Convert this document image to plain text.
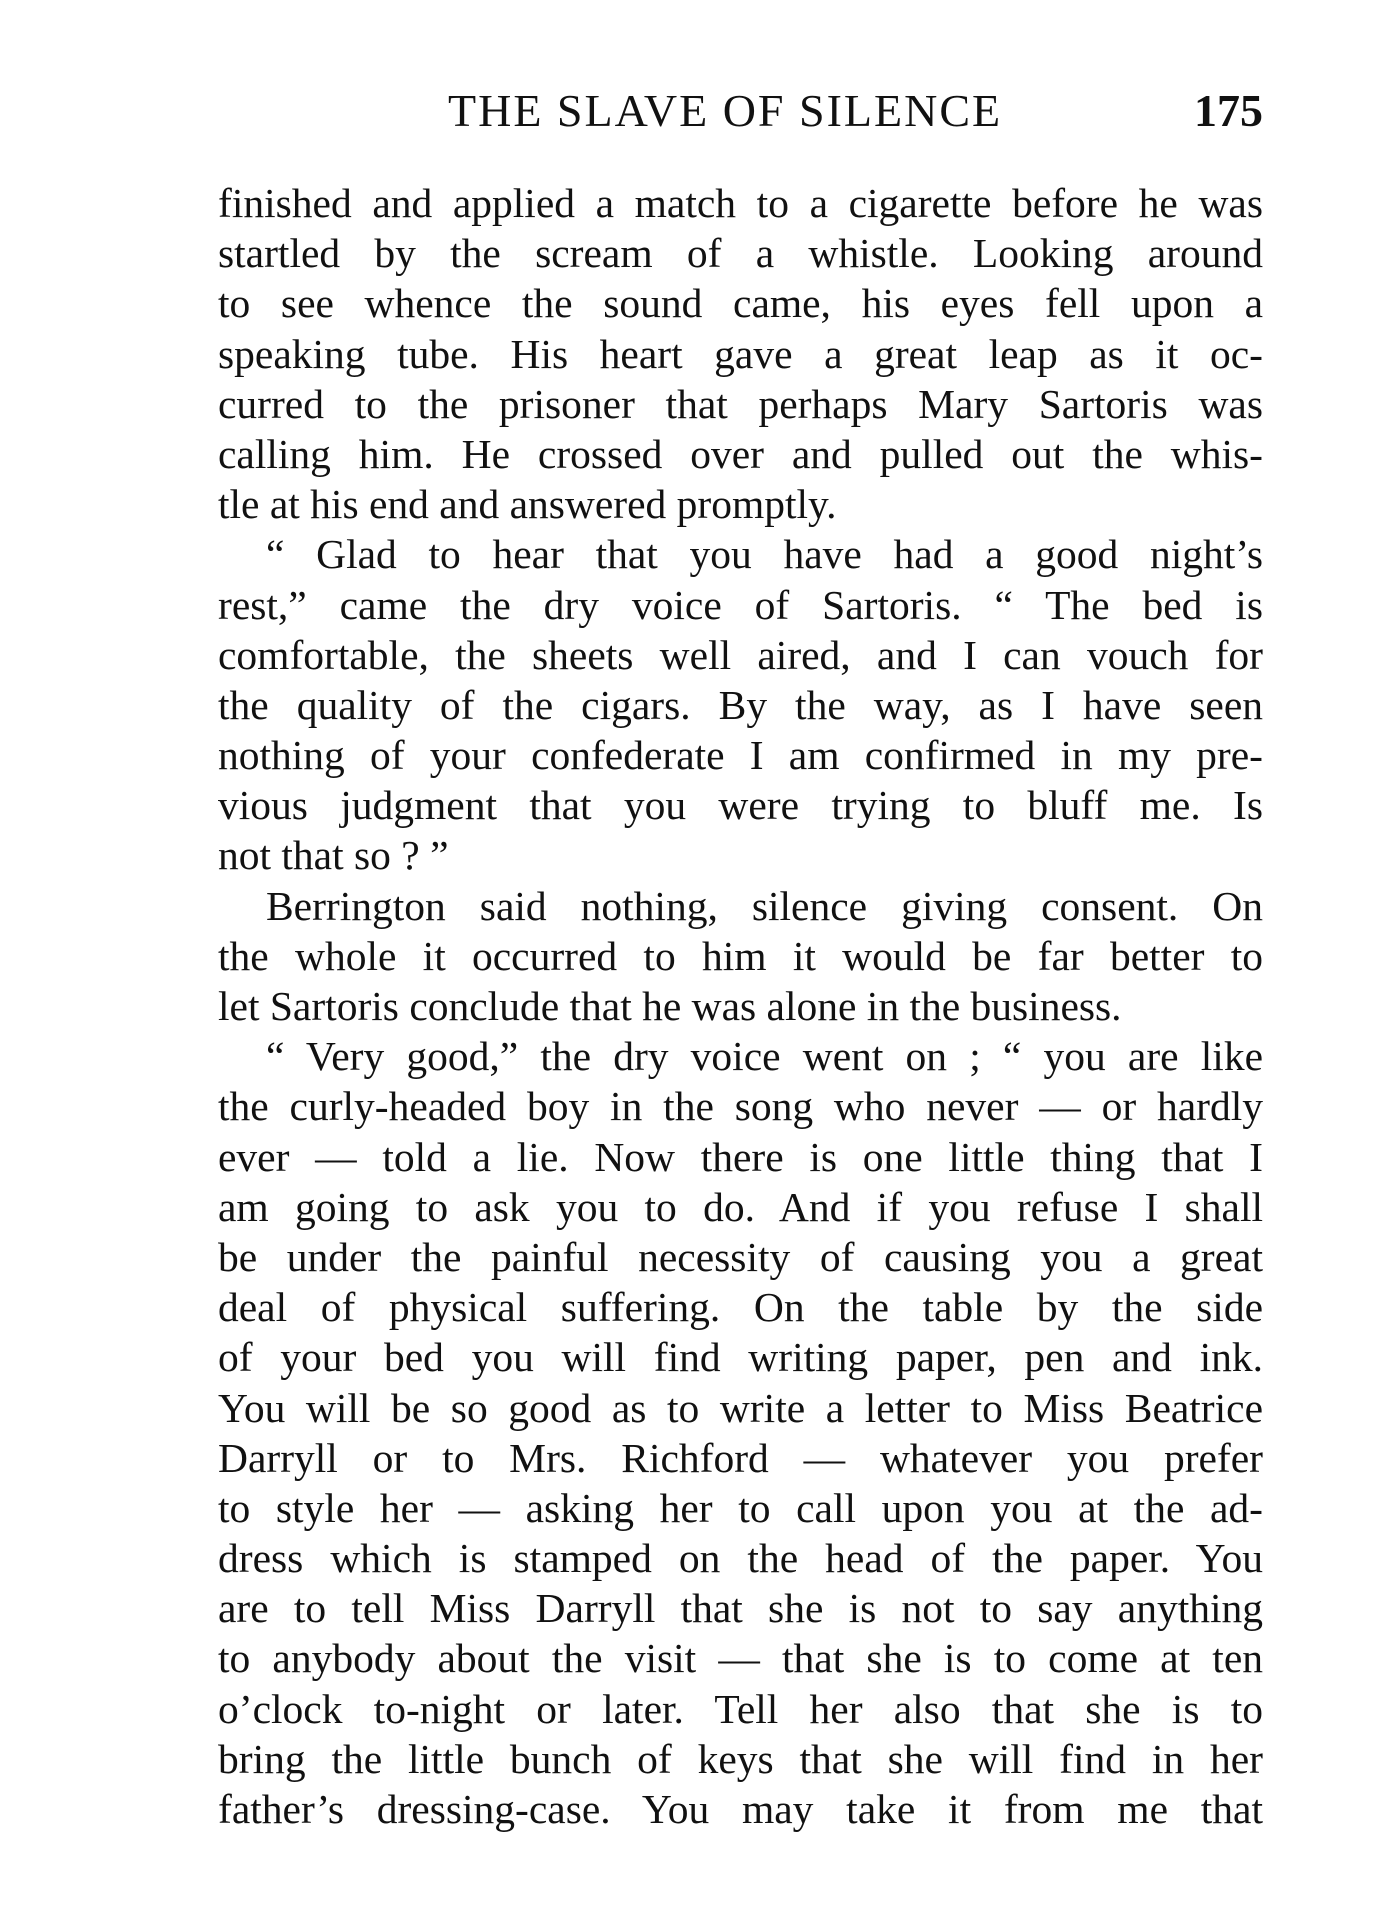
THE SLAVE OF SILENCE	175
finished and applied a match to a cigarette before he was
startled by the scream of a whistle. Looking around
to see whence the sound came, his eyes fell upon a
speaking tube. His heart gave a great leap as it oc-
curred to the prisoner that perhaps Mary Sartoris was
calling him. He crossed over and pulled out the whis-
tle at his end and answered promptly.
“ Glad to hear that you have had a good night’s
rest,” came the dry voice of Sartoris. “ The bed is
comfortable, the sheets well aired, and I can vouch for
the quality of the cigars. By the way, as I have seen
nothing of your confederate I am confirmed in my pre-
vious judgment that you were trying to bluff me. Is
not that so ? ”
Berrington said nothing, silence giving consent. On
the whole it occurred to him it would be far better to
let Sartoris conclude that he was alone in the business.
“ Very good,” the dry voice went on ; “ you are like
the curly-headed boy in the song who never — or hardly
ever — told a lie. Now there is one little thing that I
am going to ask you to do. And if you refuse I shall
be under the painful necessity of causing you a great
deal of physical suffering. On the table by the side
of your bed you will find writing paper, pen and ink.
You will be so good as to write a letter to Miss Beatrice
Darryll or to Mrs. Richford — whatever you prefer
to style her — asking her to call upon you at the ad-
dress which is stamped on the head of the paper. You
are to tell Miss Darryll that she is not to say anything
to anybody about the visit — that she is to come at ten
o’clock to-night or later. Tell her also that she is to
bring the little bunch of keys that she will find in her
father’s dressing-case. You may take it from me that
